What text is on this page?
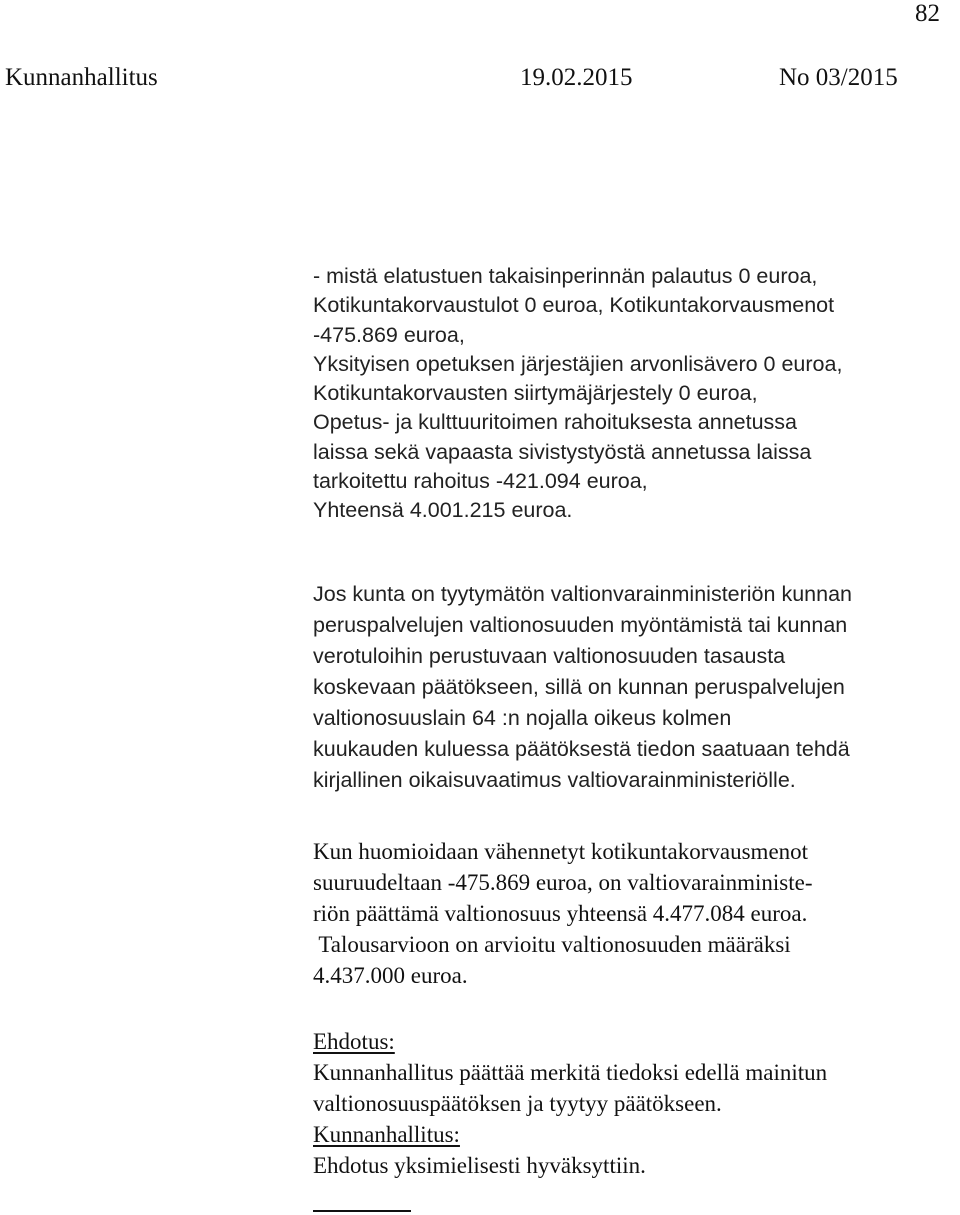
82
Kunnanhallitus	19.02.2015	No 03/2015
- mistä elatustuen takaisinperinnän palautus 0 euroa,
Kotikuntakorvaustulot 0 euroa, Kotikuntakorvausmenot
-475.869 euroa,
Yksityisen opetuksen järjestäjien arvonlisävero 0 euroa,
Kotikuntakorvausten siirtymäjärjestely 0 euroa,
Opetus- ja kulttuuritoimen rahoituksesta annetussa
laissa sekä vapaasta sivistystyöstä annetussa laissa
tarkoitettu rahoitus -421.094 euroa,
Yhteensä 4.001.215 euroa.
Jos kunta on tyytymätön valtionvarainministeriön kunnan
peruspalvelujen valtionosuuden myöntämistä tai kunnan
verotuloihin perustuvaan valtionosuuden tasausta
koskevaan päätökseen, sillä on kunnan peruspalvelujen
valtionosuuslain 64 :n nojalla oikeus kolmen
kuukauden kuluessa päätöksestä tiedon saatuaan tehdä
kirjallinen oikaisuvaatimus valtiovarainministeriölle.
Kun huomioidaan vähennetyt kotikuntakorvausmenot
suuruudeltaan -475.869 euroa, on valtiovarainministe-
riön päättämä valtionosuus yhteensä 4.477.084 euroa.
Talousarvioon on arvioitu valtionosuuden määräksi
4.437.000 euroa.
Ehdotus:
Kunnanhallitus päättää merkitä tiedoksi edellä mainitun
valtionosuuspäätöksen ja tyytyy päätökseen.
Kunnanhallitus:
Ehdotus yksimielisesti hyväksyttiin.
